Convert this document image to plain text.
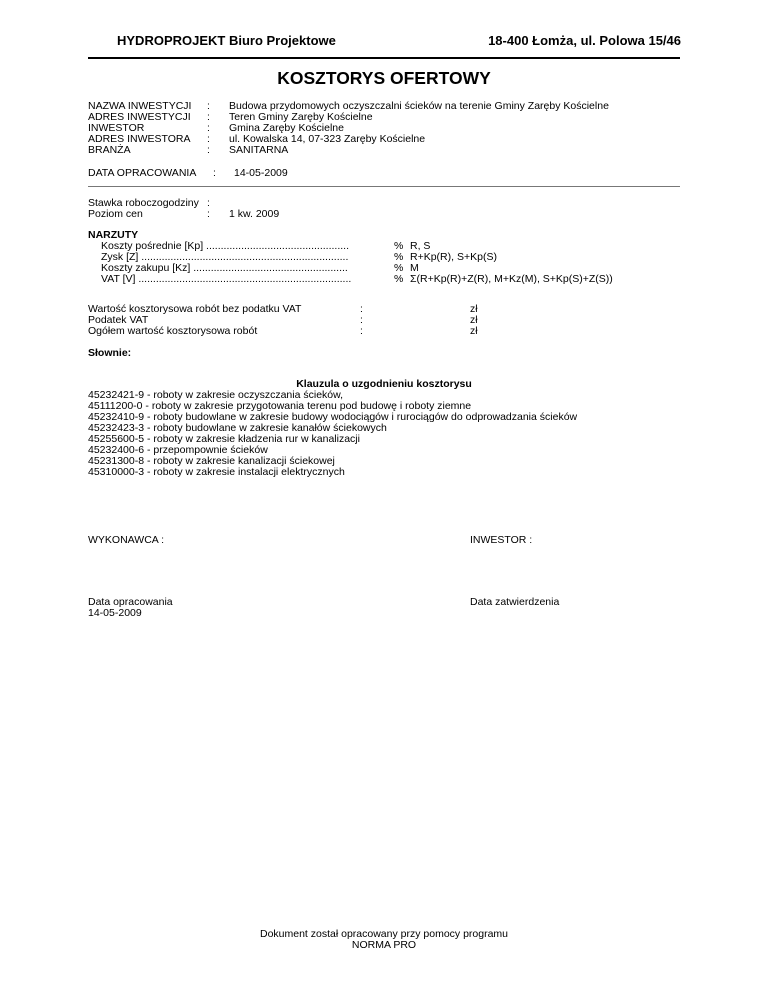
HYDROPROJEKT Biuro Projektowe	18-400 Łomża, ul. Polowa 15/46
KOSZTORYS OFERTOWY
NAZWA INWESTYCJI : Budowa przydomowych oczyszczalni ścieków na terenie Gminy Zaręby Kościelne
ADRES INWESTYCJI : Teren Gminy Zaręby Kościelne
INWESTOR	: Gmina Zaręby Kościelne
ADRES INWESTORA : ul. Kowalska 14, 07-323 Zaręby Kościelne
BRANŻA	: SANITARNA
DATA OPRACOWANIA : 14-05-2009
Stawka roboczogodziny :
Poziom cen	: 1 kw. 2009
NARZUTY
Koszty pośrednie [Kp] .................................................	% R, S
Zysk [Z] .......................................................................	% R+Kp(R), S+Kp(S)
Koszty zakupu [Kz] .....................................................	% M
VAT [V] .........................................................................	% Σ(R+Kp(R)+Z(R), M+Kz(M), S+Kp(S)+Z(S))
Wartość kosztorysowa robót bez podatku VAT	:	zł
Podatek VAT	:	zł
Ogółem wartość kosztorysowa robót	:	zł
Słownie:
Klauzula o uzgodnieniu kosztorysu
45232421-9 - roboty w zakresie oczyszczania ścieków,
45111200-0 - roboty w zakresie przygotowania terenu pod budowę i roboty ziemne
45232410-9 - roboty budowlane w zakresie budowy wodociągów i rurociągów do odprowadzania ścieków
45232423-3 - roboty budowlane w zakresie kanałów ściekowych
45255600-5 - roboty w zakresie kładzenia rur w kanalizacji
45232400-6 - przepompownie ścieków
45231300-8 - roboty w zakresie kanalizacji ściekowej
45310000-3 - roboty w zakresie instalacji elektrycznych
WYKONAWCA :	INWESTOR :
Data opracowania
14-05-2009
Data zatwierdzenia
Dokument został opracowany przy pomocy programu
NORMA PRO
